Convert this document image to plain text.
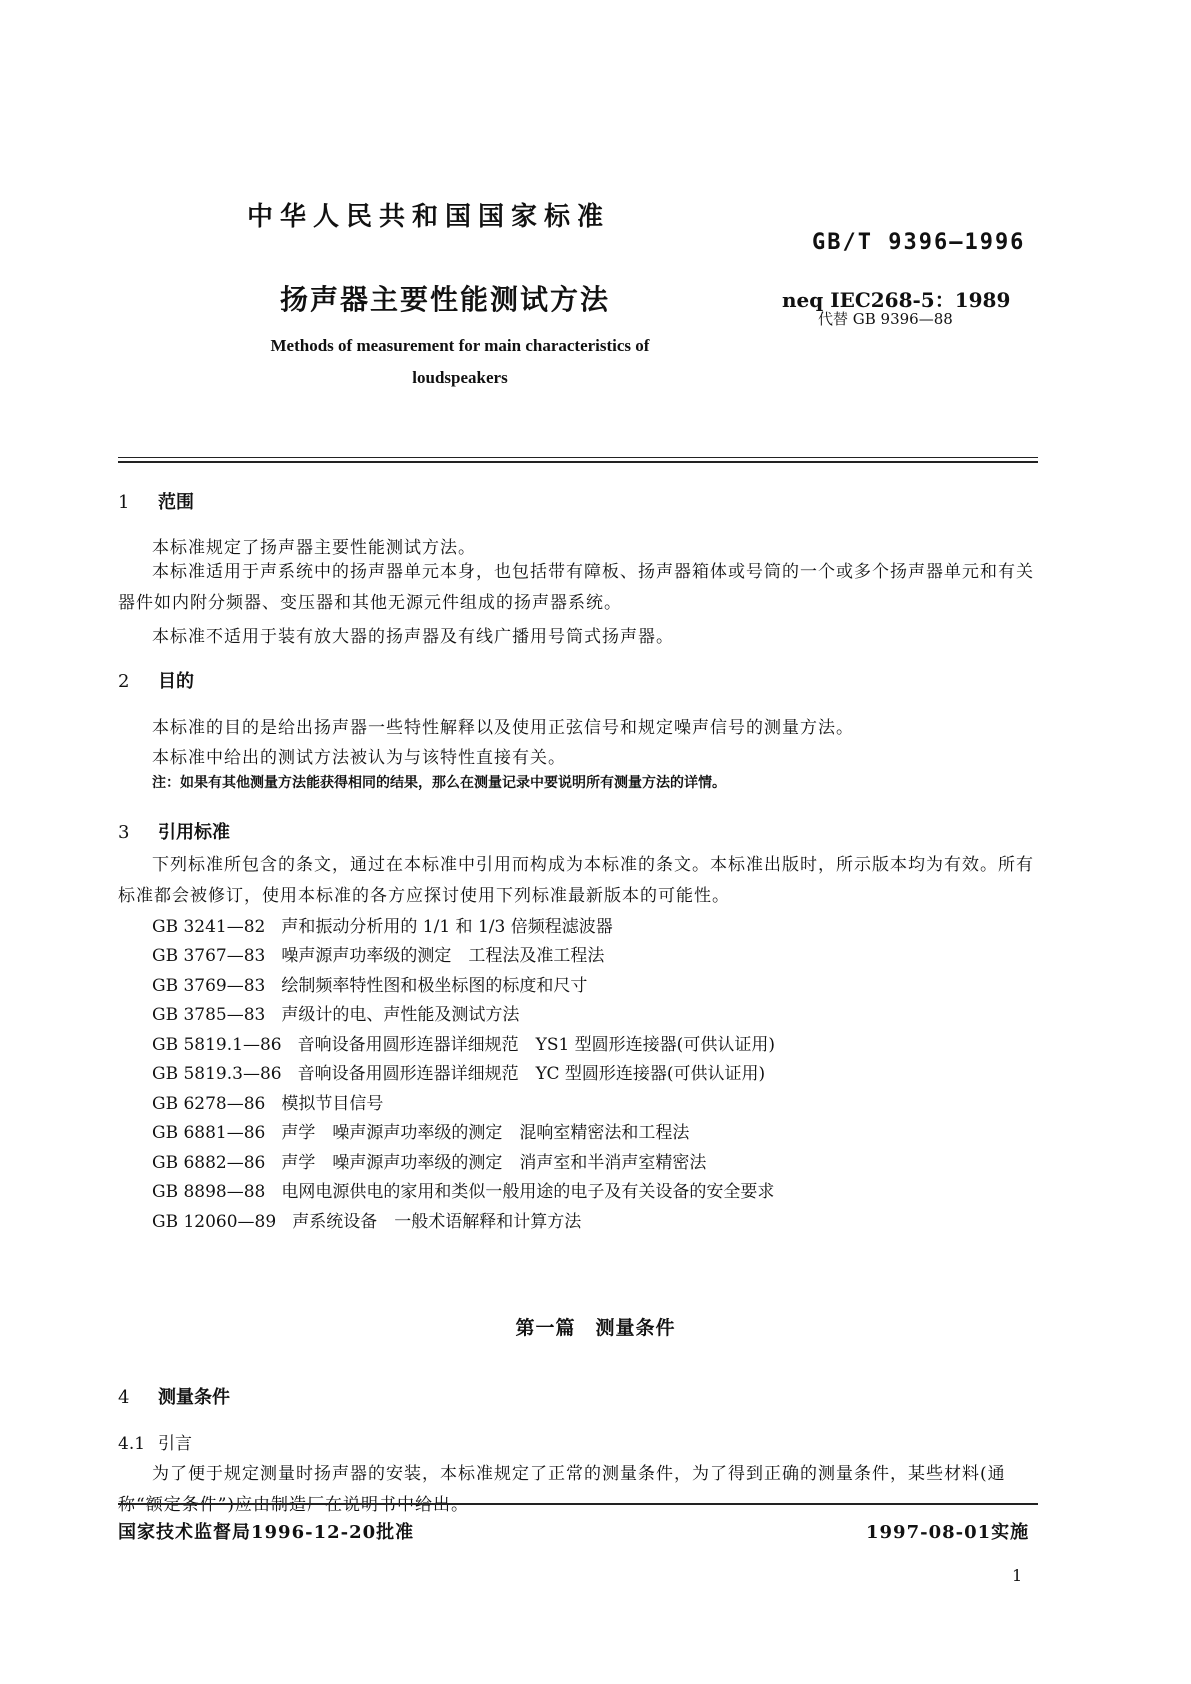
中华人民共和国国家标准
GB/T 9396—1996
扬声器主要性能测试方法	neq IEC268-5：1989
代替 GB 9396—88
Methods of measurement for main characteristics of loudspeakers
1 范围
本标准规定了扬声器主要性能测试方法。
本标准适用于声系统中的扬声器单元本身，也包括带有障板、扬声器箱体或号筒的一个或多个扬声器单元和有关器件如内附分频器、变压器和其他无源元件组成的扬声器系统。
本标准不适用于装有放大器的扬声器及有线广播用号筒式扬声器。
2 目的
本标准的目的是给出扬声器一些特性解释以及使用正弦信号和规定噪声信号的测量方法。
本标准中给出的测试方法被认为与该特性直接有关。
注：如果有其他测量方法能获得相同的结果，那么在测量记录中要说明所有测量方法的详情。
3 引用标准
下列标准所包含的条文，通过在本标准中引用而构成为本标准的条文。本标准出版时，所示版本均为有效。所有标准都会被修订，使用本标准的各方应探讨使用下列标准最新版本的可能性。
GB 3241—82 声和振动分析用的 1/1 和 1/3 倍频程滤波器
GB 3767—83 噪声源声功率级的测定　工程法及准工程法
GB 3769—83 绘制频率特性图和极坐标图的标度和尺寸
GB 3785—83 声级计的电、声性能及测试方法
GB 5819.1—86 音响设备用圆形连器详细规范　YS1 型圆形连接器(可供认证用)
GB 5819.3—86 音响设备用圆形连器详细规范　YC 型圆形连接器(可供认证用)
GB 6278—86 模拟节目信号
GB 6881—86 声学　噪声源声功率级的测定　混响室精密法和工程法
GB 6882—86 声学　噪声源声功率级的测定　消声室和半消声室精密法
GB 8898—88 电网电源供电的家用和类似一般用途的电子及有关设备的安全要求
GB 12060—89 声系统设备　一般术语解释和计算方法
第一篇　测量条件
4 测量条件
4.1 引言
为了便于规定测量时扬声器的安装，本标准规定了正常的测量条件，为了得到正确的测量条件，某些材料(通称“额定条件”)应由制造厂在说明书中给出。
国家技术监督局1996-12-20批准	1997-08-01实施
1
